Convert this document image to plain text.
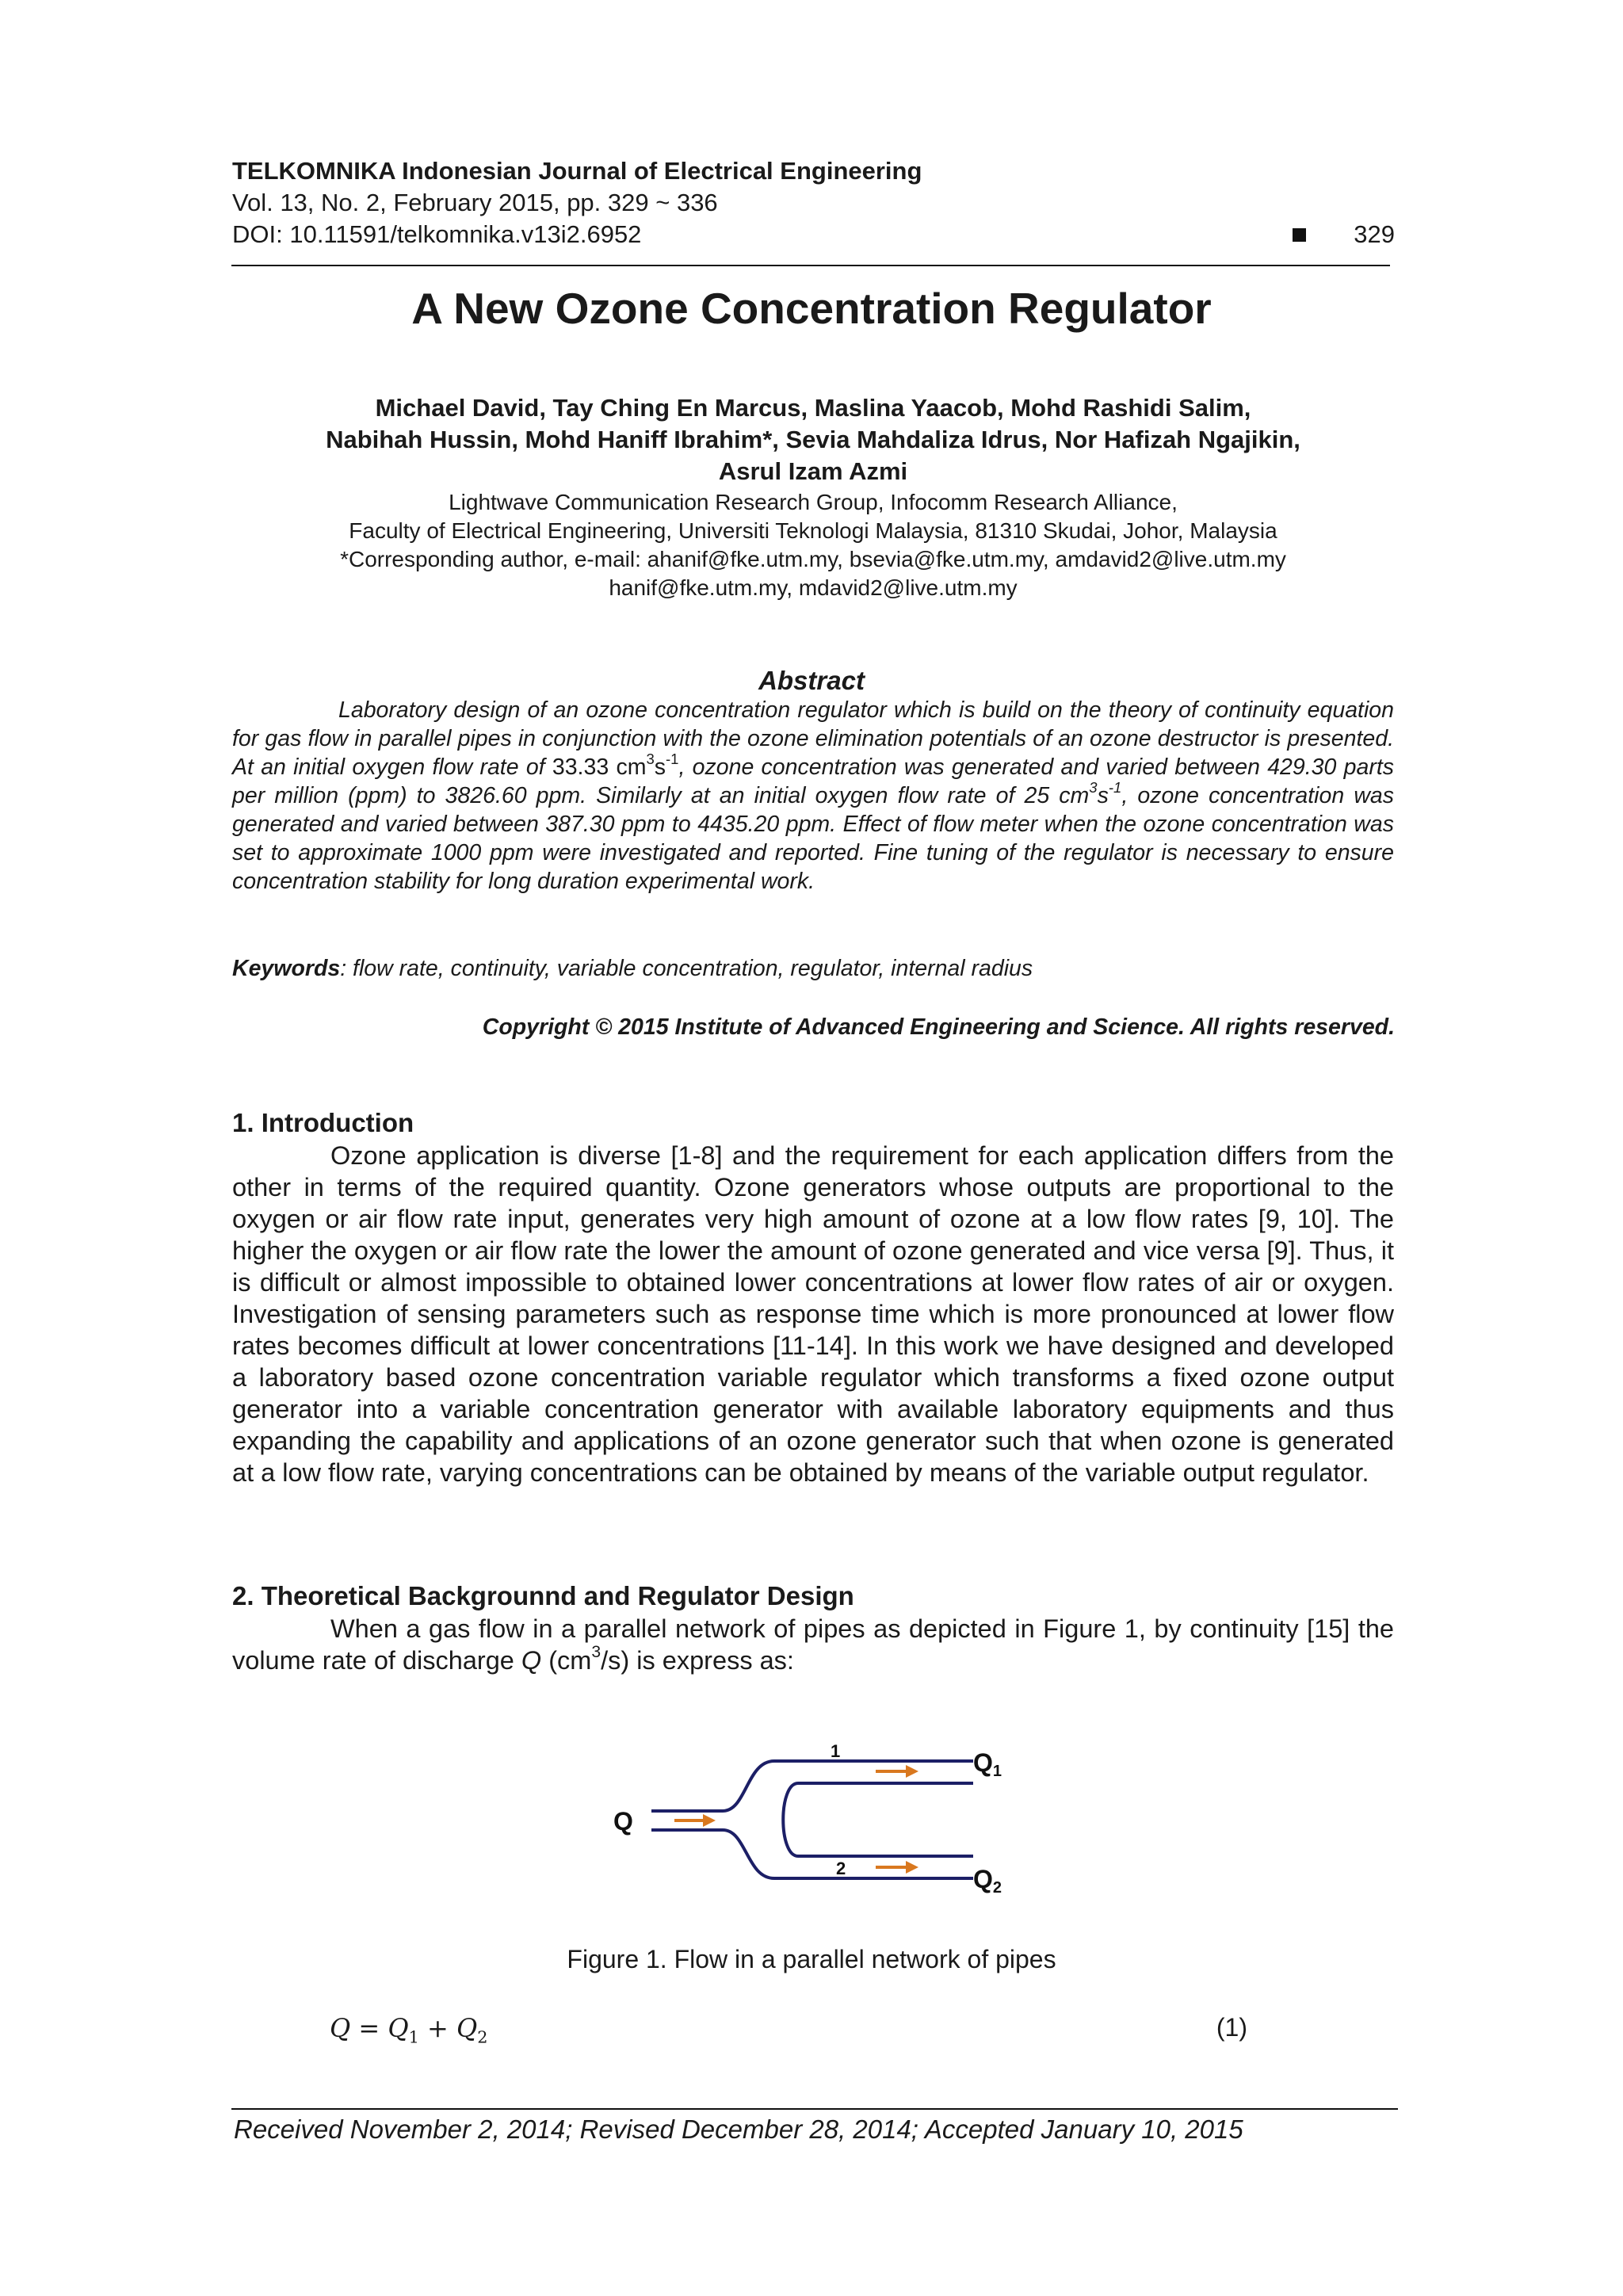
TELKOMNIKA Indonesian Journal of Electrical Engineering
Vol. 13, No. 2, February 2015, pp. 329 ~ 336
DOI: 10.11591/telkomnika.v13i2.6952	329
A New Ozone Concentration Regulator
Michael David, Tay Ching En Marcus, Maslina Yaacob, Mohd Rashidi Salim,
Nabihah Hussin, Mohd Haniff Ibrahim*, Sevia Mahdaliza Idrus, Nor Hafizah Ngajikin,
Asrul Izam Azmi
Lightwave Communication Research Group, Infocomm Research Alliance,
Faculty of Electrical Engineering, Universiti Teknologi Malaysia, 81310 Skudai, Johor, Malaysia
*Corresponding author, e-mail: ahanif@fke.utm.my, bsevia@fke.utm.my, amdavid2@live.utm.my
hanif@fke.utm.my, mdavid2@live.utm.my
Abstract
Laboratory design of an ozone concentration regulator which is build on the theory of continuity equation for gas flow in parallel pipes in conjunction with the ozone elimination potentials of an ozone destructor is presented. At an initial oxygen flow rate of 33.33 $cm^3s^{-1}$, ozone concentration was generated and varied between 429.30 parts per million (ppm) to 3826.60 ppm. Similarly at an initial oxygen flow rate of 25 $cm^3s^{-1}$, ozone concentration was generated and varied between 387.30 ppm to 4435.20 ppm. Effect of flow meter when the ozone concentration was set to approximate 1000 ppm were investigated and reported. Fine tuning of the regulator is necessary to ensure concentration stability for long duration experimental work.
Keywords: flow rate, continuity, variable concentration, regulator, internal radius
Copyright © 2015 Institute of Advanced Engineering and Science. All rights reserved.
1. Introduction
Ozone application is diverse [1-8] and the requirement for each application differs from the other in terms of the required quantity. Ozone generators whose outputs are proportional to the oxygen or air flow rate input, generates very high amount of ozone at a low flow rates [9, 10]. The higher the oxygen or air flow rate the lower the amount of ozone generated and vice versa [9]. Thus, it is difficult or almost impossible to obtained lower concentrations at lower flow rates of air or oxygen. Investigation of sensing parameters such as response time which is more pronounced at lower flow rates becomes difficult at lower concentrations [11-14]. In this work we have designed and developed a laboratory based ozone concentration variable regulator which transforms a fixed ozone output generator into a variable concentration generator with available laboratory equipments and thus expanding the capability and applications of an ozone generator such that when ozone is generated at a low flow rate, varying concentrations can be obtained by means of the variable output regulator.
2. Theoretical Backgrounnd and Regulator Design
When a gas flow in a parallel network of pipes as depicted in Figure 1, by continuity [15] the volume rate of discharge Q $(cm^3/s)$ is express as:
Q
1
2
Q1
Q2
Figure 1. Flow in a parallel network of pipes
$Q = Q_1 + Q_2$	(1)
Received November 2, 2014; Revised December 28, 2014; Accepted January 10, 2015
